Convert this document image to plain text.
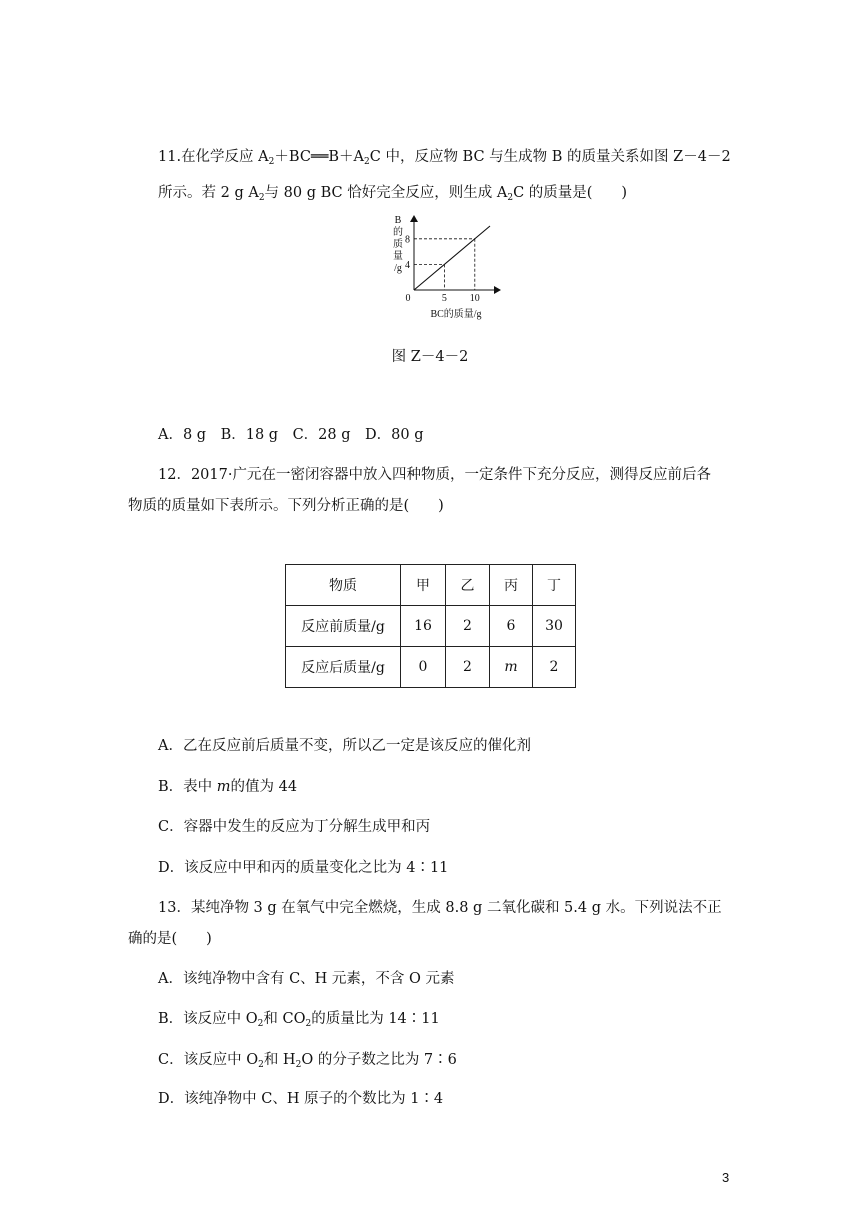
11.在化学反应 $A_2+BC══B+A_2C$ 中，反应物 BC 与生成物 B 的质量关系如图 Z－4－2 所示。若 2 g $A_2$与 80 g BC 恰好完全反应，则生成 $A_2C$ 的质量是(　　)
5 10
4
8
0
BC的质量/g
B
的
质
量
/g
图 Z－4－2
A．8 g　B．18 g　C．28 g　D．80 g
12．2017·广元在一密闭容器中放入四种物质，一定条件下充分反应，测得反应前后各
物质的质量如下表所示。下列分析正确的是(　　)
物质	甲	乙	丙	丁
反应前质量/g	16	2	6	30
反应后质量/g	0	2	m	2
A．乙在反应前后质量不变，所以乙一定是该反应的催化剂
B．表中 m的值为 44
C．容器中发生的反应为丁分解生成甲和丙
D．该反应中甲和丙的质量变化之比为 4∶11
13．某纯净物 3 g 在氧气中完全燃烧，生成 8.8 g 二氧化碳和 5.4 g 水。下列说法不正
确的是(　　)
A．该纯净物中含有 C、H 元素，不含 O 元素
B．该反应中 $O_2$和 $CO_2$的质量比为 14∶11
C．该反应中 $O_2$和 $H_2O$ 的分子数之比为 7∶6
D．该纯净物中 C、H 原子的个数比为 1∶4
3
